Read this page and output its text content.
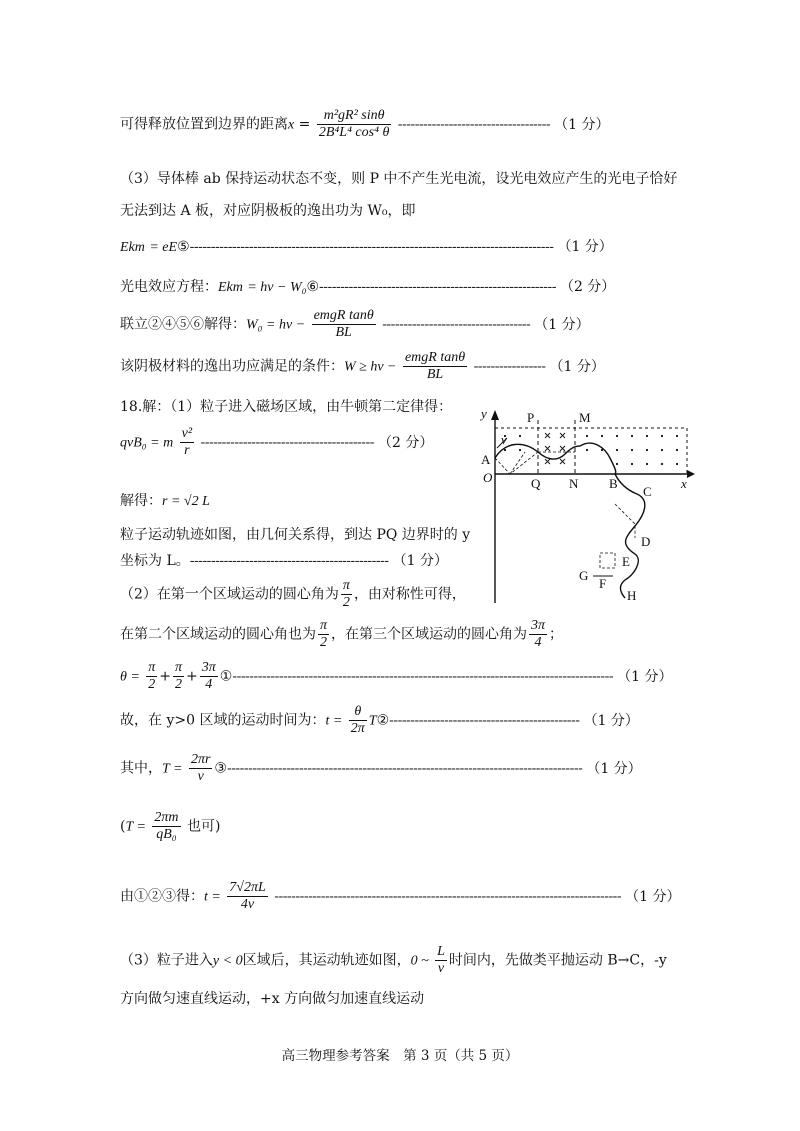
可得释放位置到边界的距离$x = \frac{\text{m²gR² sinθ}}{\text{2B⁴L⁴ cos⁴ θ}}$ ------------------------------------ （1 分）
（3）导体棒 ab 保持运动状态不变，则 P 中不产生光电流，设光电效应产生的光电子恰好
无法到达 A 板，对应阴极板的逸出功为 W₀，即
Ekm = eE⑤-------------------------------------------------------------------------------------- （1 分）
光电效应方程：Ekm = hν − W₀⑥-------------------------------------------------------- （2 分）
联立②④⑤⑥解得：$W_0 = h\nu - \frac{\text{emgR tanθ}}{BL}$ ----------------------------------- （1 分）
该阴极材料的逸出功应满足的条件：$W \ge h\nu - \frac{\text{emgR tanθ}}{BL}$ ----------------- （1 分）
18.解：（1）粒子进入磁场区域，由牛顿第二定律得：
qvB₀ = m $\frac{\text{v²}}{r}$ ----------------------------------------- （2 分）
解得：r = √2 L
粒子运动轨迹如图，由几何关系得，到达 PQ 边界时的 y
坐标为 L。----------------------------------------------- （1 分）
y
v
P	M
A
O	Q N B	x
C
D
E
G
F
H
（2）在第一个区域运动的圆心角为 $\frac{\pi}{2}$ ，由对称性可得，
在第二个区域运动的圆心角也为 $\frac{\pi}{2}$ ，在第三个区域运动的圆心角为 $\frac{3\pi}{4}$ ；
$\theta = \frac{\pi}{2} + \frac{\pi}{2} + \frac{3\pi}{4}$ ①------------------------------------------------------------------------------------------ （1 分）
故，在 y>0 区域的运动时间为：$t = \frac{\theta}{2\pi}$ T②--------------------------------------------- （1 分）
其中，$T = \frac{2\pi r}{v}$ ③------------------------------------------------------------------------------------ （1 分）
($T = \frac{2\pi m}{\text{qB₀}}$ 也可)
由①②③得：$t = \frac{7√2\pi L}{4v}$ ---------------------------------------------------------------------------------- （1 分）
（3）粒子进入y < 0区域后，其运动轨迹如图，0 ~ $\frac{L}{v}$ 时间内，先做类平抛运动 B→C，-y
方向做匀速直线运动，+x 方向做匀加速直线运动
高三物理参考答案　第 3 页（共 5 页）
